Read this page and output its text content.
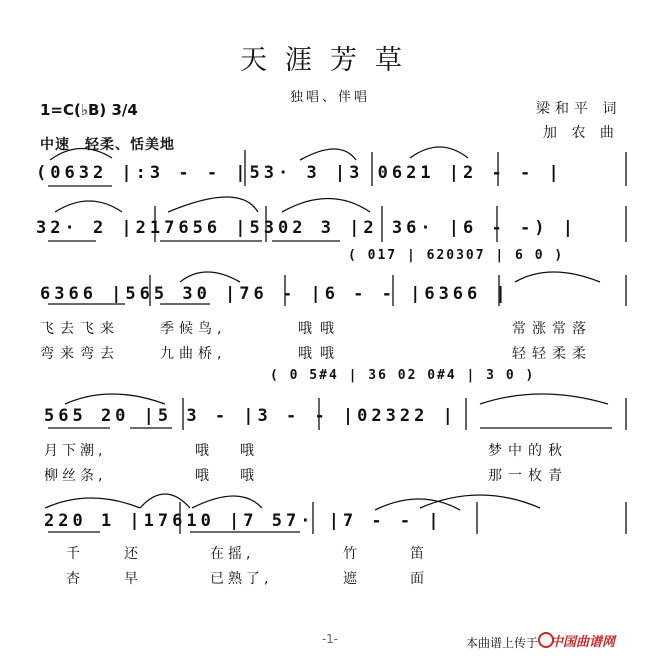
天涯芳草
独唱、伴唱
1=C(♭B) 3/4
中速　轻柔、恬美地
梁和平 词
加 农 曲
(0632 |:3 - - |53· 3 |3 0621 |2 - - |
32· 2 |217656 |5302 3 |2 36· |6 - -) |
( 017 | 620307 | 6 0 )
6366 |565 30 |76 - |6 - - |6366 |
飞去飞来	季候鸟,	哦哦	常涨常落
弯来弯去	九曲桥,	哦哦	轻轻柔柔
( 0 5#4 | 36 02 0#4 | 3 0 )
565 20 |5 3 - |3 - - |02322 |
月下潮,	哦 哦	梦中的秋
柳丝条,	哦 哦	那一枚青
220 1 |17610 |7 57· |7 - - |
千	还	在摇,	竹	笛
杏	早	已熟了,	遮	面
-1-	本曲谱上传于 中国曲谱网
